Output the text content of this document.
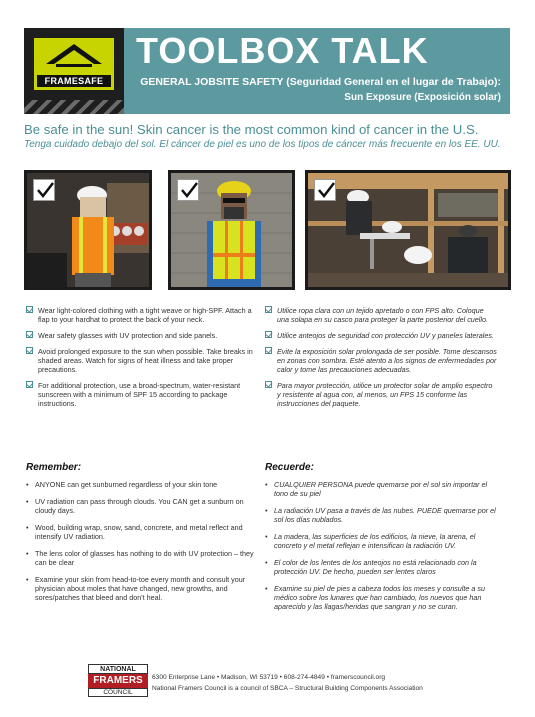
FRAMESAFE
TOOLBOX TALK
GENERAL JOBSITE SAFETY (Seguridad General en el lugar de Trabajo):
Sun Exposure (Exposición solar)
Be safe in the sun! Skin cancer is the most common kind of cancer in the U.S.
Tenga cuidado debajo del sol. El cáncer de piel es uno de los tipos de cáncer más frecuente en los EE. UU.
Wear light-colored clothing with a tight weave or high-SPF. Attach a flap to your hardhat to protect the back of your neck.
Wear safety glasses with UV protection and side panels.
Avoid prolonged exposure to the sun when possible. Take breaks in shaded areas. Watch for signs of heat illness and take proper precautions.
For additional protection, use a broad-spectrum, water-resistant sunscreen with a minimum of SPF 15 according to package instructions.
Utilice ropa clara con un tejido apretado o con FPS alto. Coloque una solapa en su casco para proteger la parte posterior del cuello.
Utilice anteojos de seguridad con protección UV y paneles laterales.
Evite la exposición solar prolongada de ser posible. Tome descansos en zonas con sombra. Esté atento a los signos de enfermedades por calor y tome las precauciones adecuadas.
Para mayor protección, utilice un protector solar de amplio espectro y resistente al agua con, al menos, un FPS 15 conforme las instrucciones del paquete.
Remember:
• ANYONE can get sunburned regardless of your skin tone
• UV radiation can pass through clouds. You CAN get a sunburn on cloudy days.
• Wood, building wrap, snow, sand, concrete, and metal reflect and intensify UV radiation.
• The lens color of glasses has nothing to do with UV protection – they can be clear
• Examine your skin from head-to-toe every month and consult your physician about moles that have changed, new growths, and sores/patches that bleed and don't heal.
Recuerde:
• CUALQUIER PERSONA puede quemarse por el sol sin importar el tono de su piel
• La radiación UV pasa a través de las nubes. PUEDE quemarse por el sol los días nublados.
• La madera, las superficies de los edificios, la nieve, la arena, el concreto y el metal reflejan e intensifican la radiación UV.
• El color de los lentes de los anteojos no está relacionado con la protección UV. De hecho, pueden ser lentes claros
• Examine su piel de pies a cabeza todos los meses y consulte a su médico sobre los lunares que han cambiado, los nuevos que han aparecido y las llagas/heridas que sangran y no se curan.
NATIONAL
FRAMERS
COUNCIL
6300 Enterprise Lane • Madison, WI 53719 • 608-274-4849 • framerscouncil.org
National Framers Council is a council of SBCA – Structural Building Components Association
